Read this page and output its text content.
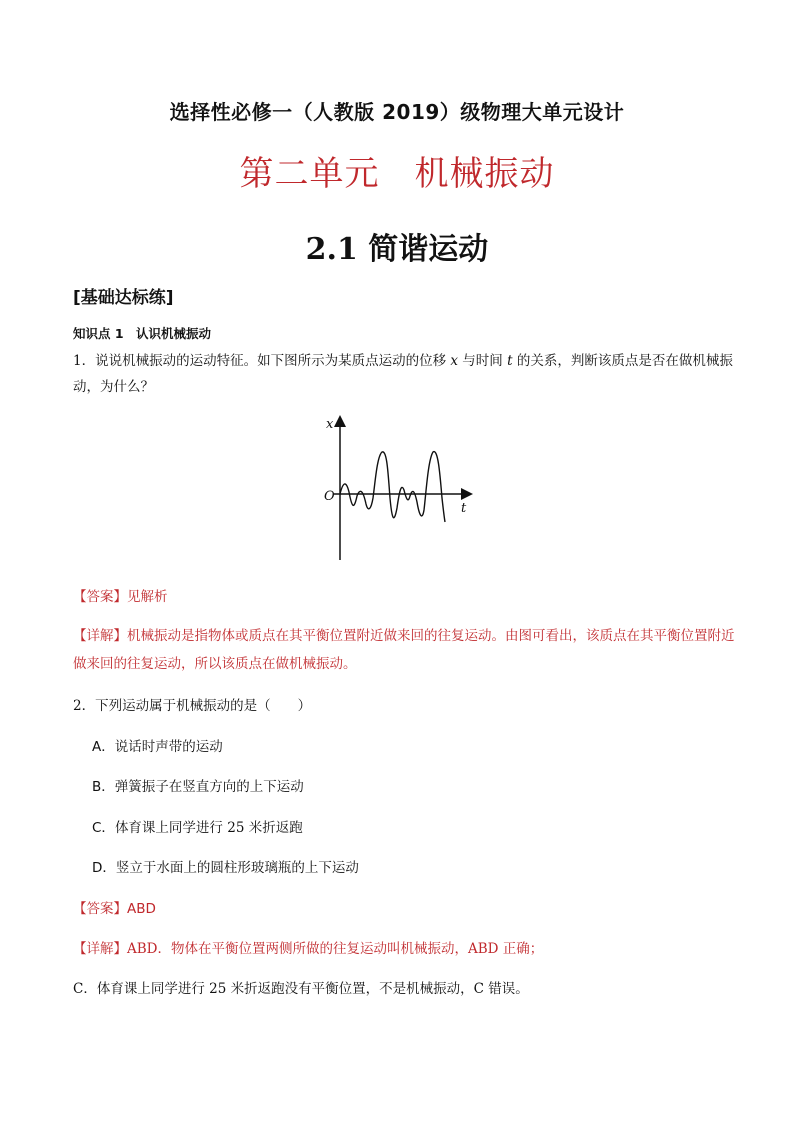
选择性必修一（人教版 2019）级物理大单元设计
第二单元　机械振动
2.1 简谐运动
[基础达标练]
知识点 1　认识机械振动
1．说说机械振动的运动特征。如下图所示为某质点运动的位移 x 与时间 t 的关系，判断该质点是否在做机械振动，为什么？
x
t
O
【答案】见解析
【详解】机械振动是指物体或质点在其平衡位置附近做来回的往复运动。由图可看出，该质点在其平衡位置附近做来回的往复运动，所以该质点在做机械振动。
2．下列运动属于机械振动的是（　　）
A．说话时声带的运动
B．弹簧振子在竖直方向的上下运动
C．体育课上同学进行 25 米折返跑
D．竖立于水面上的圆柱形玻璃瓶的上下运动
【答案】ABD
【详解】ABD．物体在平衡位置两侧所做的往复运动叫机械振动，ABD 正确；
C．体育课上同学进行 25 米折返跑没有平衡位置，不是机械振动，C 错误。
